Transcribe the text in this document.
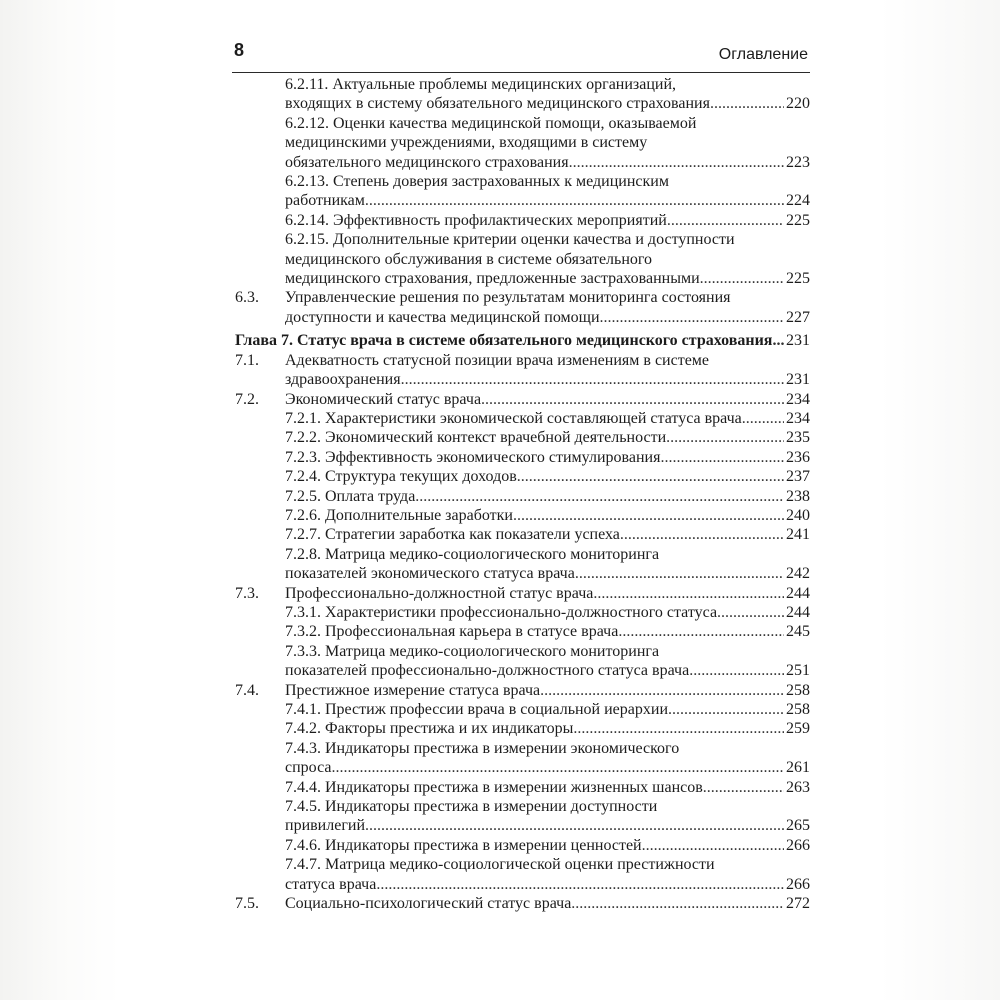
8	Оглавление
6.2.11. Актуальные проблемы медицинских организаций,
входящих в систему обязательного медицинского страхования .....	220
6.2.12. Оценки качества медицинской помощи, оказываемой
медицинскими учреждениями, входящими в систему
обязательного медицинского страхования .....	223
6.2.13. Степень доверия застрахованных к медицинским
работникам .....	224
6.2.14. Эффективность профилактических мероприятий .....	225
6.2.15. Дополнительные критерии оценки качества и доступности
медицинского обслуживания в системе обязательного
медицинского страхования, предложенные застрахованными .....	225
6.3. Управленческие решения по результатам мониторинга состояния
доступности и качества медицинской помощи .....	227
Глава 7. Статус врача в системе обязательного медицинского страхования ..... 231
7.1. Адекватность статусной позиции врача изменениям в системе
здравоохранения .....	231
7.2. Экономический статус врача .....	234
7.2.1. Характеристики экономической составляющей статуса врача .....	234
7.2.2. Экономический контекст врачебной деятельности .....	235
7.2.3. Эффективность экономического стимулирования .....	236
7.2.4. Структура текущих доходов .....	237
7.2.5. Оплата труда .....	238
7.2.6. Дополнительные заработки .....	240
7.2.7. Стратегии заработка как показатели успеха .....	241
7.2.8. Матрица медико-социологического мониторинга
показателей экономического статуса врача .....	242
7.3. Профессионально-должностной статус врача .....	244
7.3.1. Характеристики профессионально-должностного статуса .....	244
7.3.2. Профессиональная карьера в статусе врача .....	245
7.3.3. Матрица медико-социологического мониторинга
показателей профессионально-должностного статуса врача .....	251
7.4. Престижное измерение статуса врача .....	258
7.4.1. Престиж профессии врача в социальной иерархии .....	258
7.4.2. Факторы престижа и их индикаторы .....	259
7.4.3. Индикаторы престижа в измерении экономического
спроса .....	261
7.4.4. Индикаторы престижа в измерении жизненных шансов .....	263
7.4.5. Индикаторы престижа в измерении доступности
привилегий .....	265
7.4.6. Индикаторы престижа в измерении ценностей .....	266
7.4.7. Матрица медико-социологической оценки престижности
статуса врача .....	266
7.5. Социально-психологический статус врача .....	272
